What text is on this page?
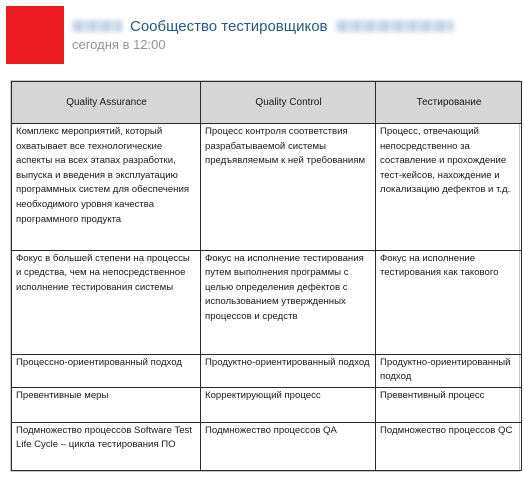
Сообщество тестировщиков
сегодня в 12:00
Quality Assurance	Quality Control	Тестирование
Комплекс мероприятий, который охватывает все технологические аспекты на всех этапах разработки, выпуска и введения в эксплуатацию программных систем для обеспечения необходимого уровня качества программного продукта	Процесс контроля соответствия разрабатываемой системы предъявляемым к ней требованиям	Процесс, отвечающий непосредственно за составление и прохождение тест-кейсов, нахождение и локализацию дефектов и т.д.
Фокус в большей степени на процессы и средства, чем на непосредственное исполнение тестирования системы	Фокус на исполнение тестирования путем выполнения программы с целью определения дефектов с использованием утвержденных процессов и средств	Фокус на исполнение тестирования как такового
Процессно-ориентированный подход	Продуктно-ориентированный подход	Продуктно-ориентированный подход
Превентивные меры	Корректирующий процесс	Превентивный процесс
Подмножество процессов Software Test Life Cycle – цикла тестирования ПО	Подмножество процессов QA	Подмножество процессов QC
